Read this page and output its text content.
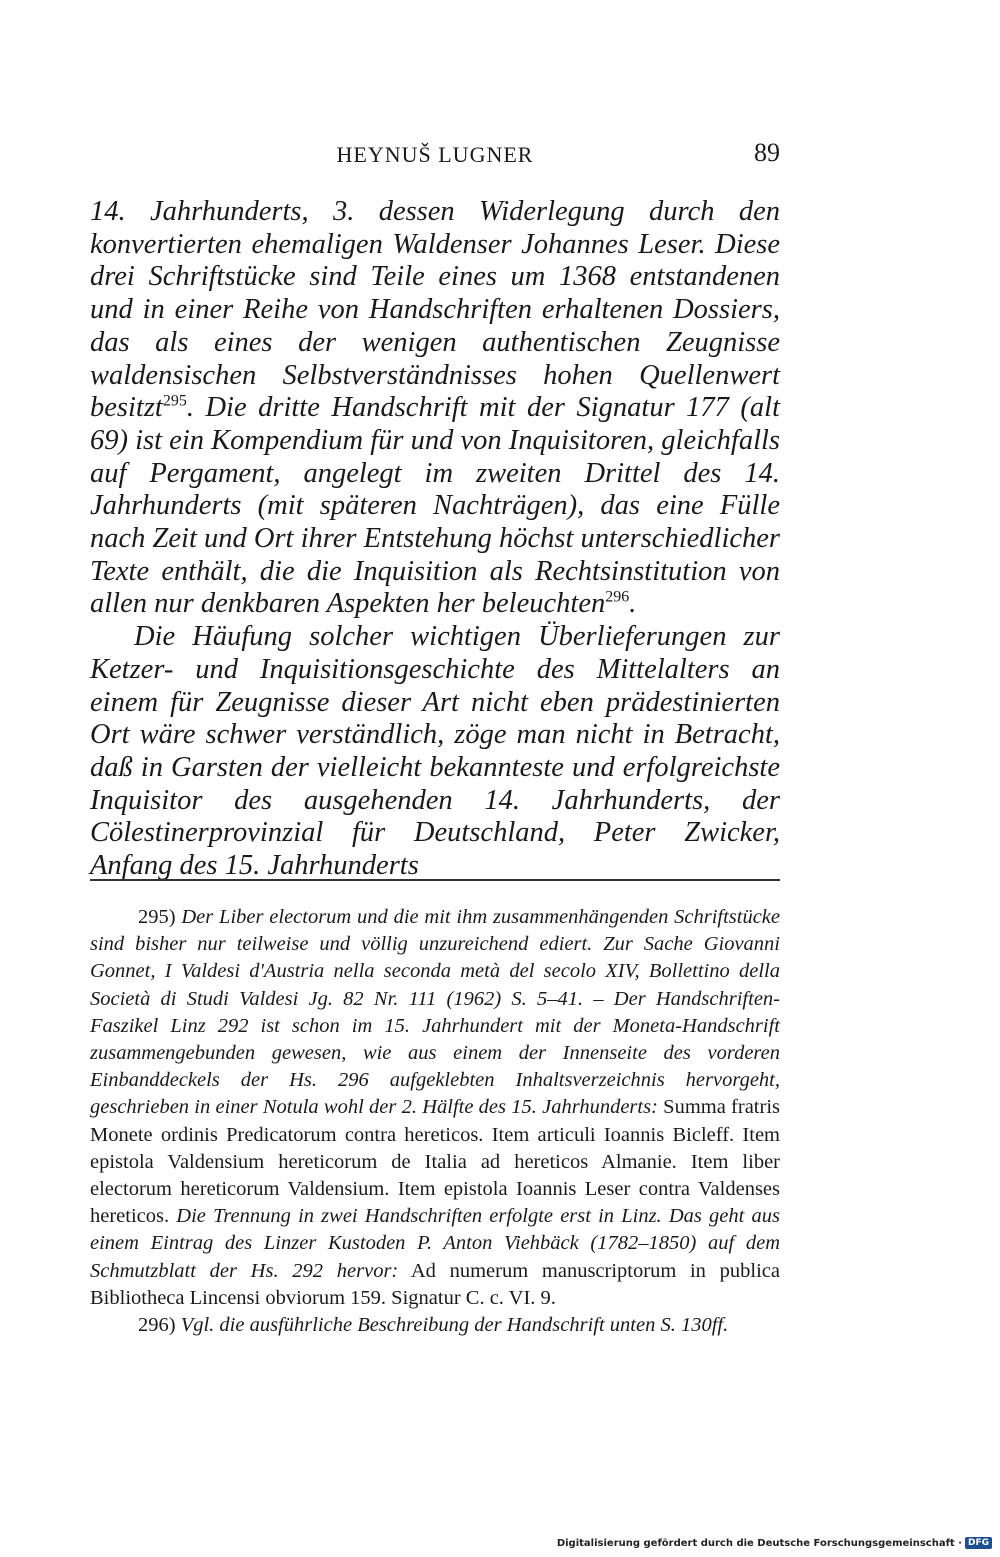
HEYNUŠ LUGNER	89

14. Jahrhunderts, 3. dessen Widerlegung durch den konvertierten ehemaligen Waldenser Johannes Leser. Diese drei Schriftstücke sind Teile eines um 1368 entstandenen und in einer Reihe von Handschriften erhaltenen Dossiers, das als eines der wenigen authentischen Zeugnisse waldensischen Selbstverständnisses hohen Quellenwert besitzt$^{295}$. Die dritte Handschrift mit der Signatur 177 (alt 69) ist ein Kompendium für und von Inquisitoren, gleichfalls auf Pergament, angelegt im zweiten Drittel des 14. Jahrhunderts (mit späteren Nachträgen), das eine Fülle nach Zeit und Ort ihrer Entstehung höchst unterschiedlicher Texte enthält, die die Inquisition als Rechtsinstitution von allen nur denkbaren Aspekten her beleuchten$^{296}$.

Die Häufung solcher wichtigen Überlieferungen zur Ketzer- und Inquisitionsgeschichte des Mittelalters an einem für Zeugnisse dieser Art nicht eben prädestinierten Ort wäre schwer verständlich, zöge man nicht in Betracht, daß in Garsten der vielleicht bekannteste und erfolgreichste Inquisitor des ausgehenden 14. Jahrhunderts, der Cölestinerprovinzial für Deutschland, Peter Zwicker, Anfang des 15. Jahrhunderts

295) Der Liber electorum und die mit ihm zusammenhängenden Schriftstücke sind bisher nur teilweise und völlig unzureichend ediert. Zur Sache Giovanni Gonnet, I Valdesi d'Austria nella seconda metà del secolo XIV, Bollettino della Società di Studi Valdesi Jg. 82 Nr. 111 (1962) S. 5–41. – Der Handschriften-Faszikel Linz 292 ist schon im 15. Jahrhundert mit der Moneta-Handschrift zusammengebunden gewesen, wie aus einem der Innenseite des vorderen Einbanddeckels der Hs. 296 aufgeklebten Inhaltsverzeichnis hervorgeht, geschrieben in einer Notula wohl der 2. Hälfte des 15. Jahrhunderts: Summa fratris Monete ordinis Predicatorum contra hereticos. Item articuli Ioannis Bicleff. Item epistola Valdensium hereticorum de Italia ad hereticos Almanie. Item liber electorum hereticorum Valdensium. Item epistola Ioannis Leser contra Valdenses hereticos. Die Trennung in zwei Handschriften erfolgte erst in Linz. Das geht aus einem Eintrag des Linzer Kustoden P. Anton Viehbäck (1782–1850) auf dem Schmutzblatt der Hs. 292 hervor: Ad numerum manuscriptorum in publica Bibliotheca Lincensi obviorum 159. Signatur C. c. VI. 9.

296) Vgl. die ausführliche Beschreibung der Handschrift unten S. 130ff.

Digitalisierung gefördert durch die Deutsche Forschungsgemeinschaft · DFG
